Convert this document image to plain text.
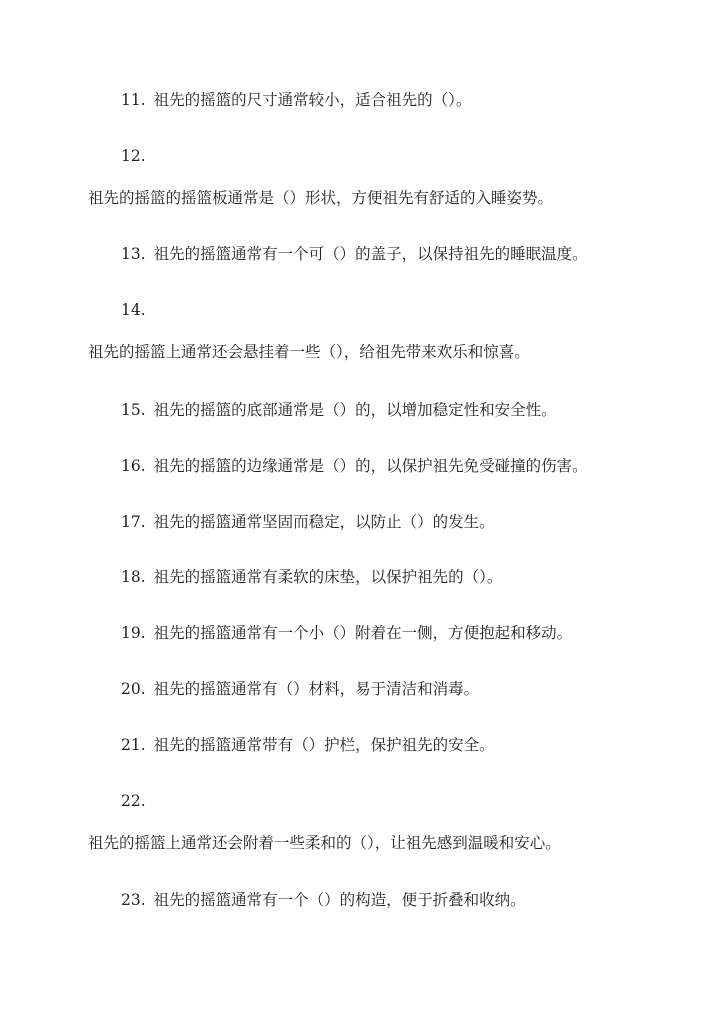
11. 祖先的摇篮的尺寸通常较小，适合祖先的（）。
12.
祖先的摇篮的摇篮板通常是（）形状，方便祖先有舒适的入睡姿势。
13. 祖先的摇篮通常有一个可（）的盖子，以保持祖先的睡眠温度。
14.
祖先的摇篮上通常还会悬挂着一些（），给祖先带来欢乐和惊喜。
15. 祖先的摇篮的底部通常是（）的，以增加稳定性和安全性。
16. 祖先的摇篮的边缘通常是（）的，以保护祖先免受碰撞的伤害。
17. 祖先的摇篮通常坚固而稳定，以防止（）的发生。
18. 祖先的摇篮通常有柔软的床垫，以保护祖先的（）。
19. 祖先的摇篮通常有一个小（）附着在一侧，方便抱起和移动。
20. 祖先的摇篮通常有（）材料，易于清洁和消毒。
21. 祖先的摇篮通常带有（）护栏，保护祖先的安全。
22.
祖先的摇篮上通常还会附着一些柔和的（），让祖先感到温暖和安心。
23. 祖先的摇篮通常有一个（）的构造，便于折叠和收纳。
